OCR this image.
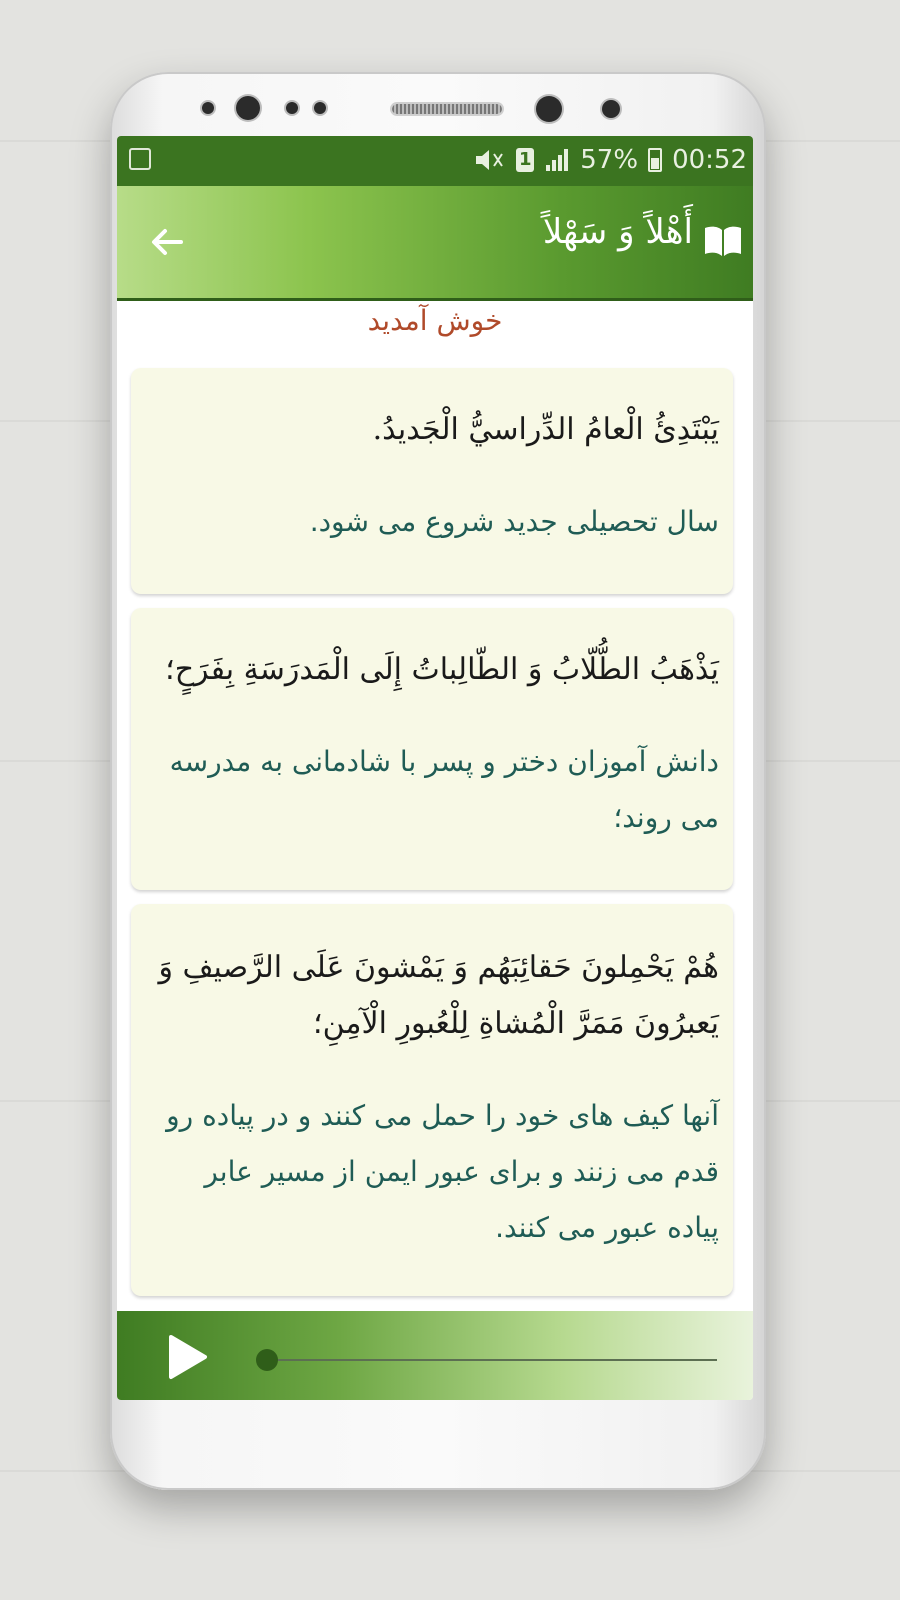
1 57% 00:52
أَهْلاً وَ سَهْلاً
خوش آمدید
يَبْتَدِئُ الْعامُ الدِّراسيُّ الْجَديدُ.
سال تحصیلی جدید شروع می شود.
يَذْهَبُ الطُّلّابُ وَ الطّالِباتُ إِلَى الْمَدرَسَةِ بِفَرَحٍ؛
دانش آموزان دختر و پسر با شادمانی به مدرسه می روند؛
هُمْ يَحْمِلونَ حَقائِبَهُم وَ يَمْشونَ عَلَى الرَّصيفِ وَ يَعبرُونَ مَمَرَّ الْمُشاةِ لِلْعُبورِ الْآمِنِ؛
آنها کیف های خود را حمل می کنند و در پیاده رو قدم می زنند و برای عبور ایمن از مسیر عابر پیاده عبور می کنند.
